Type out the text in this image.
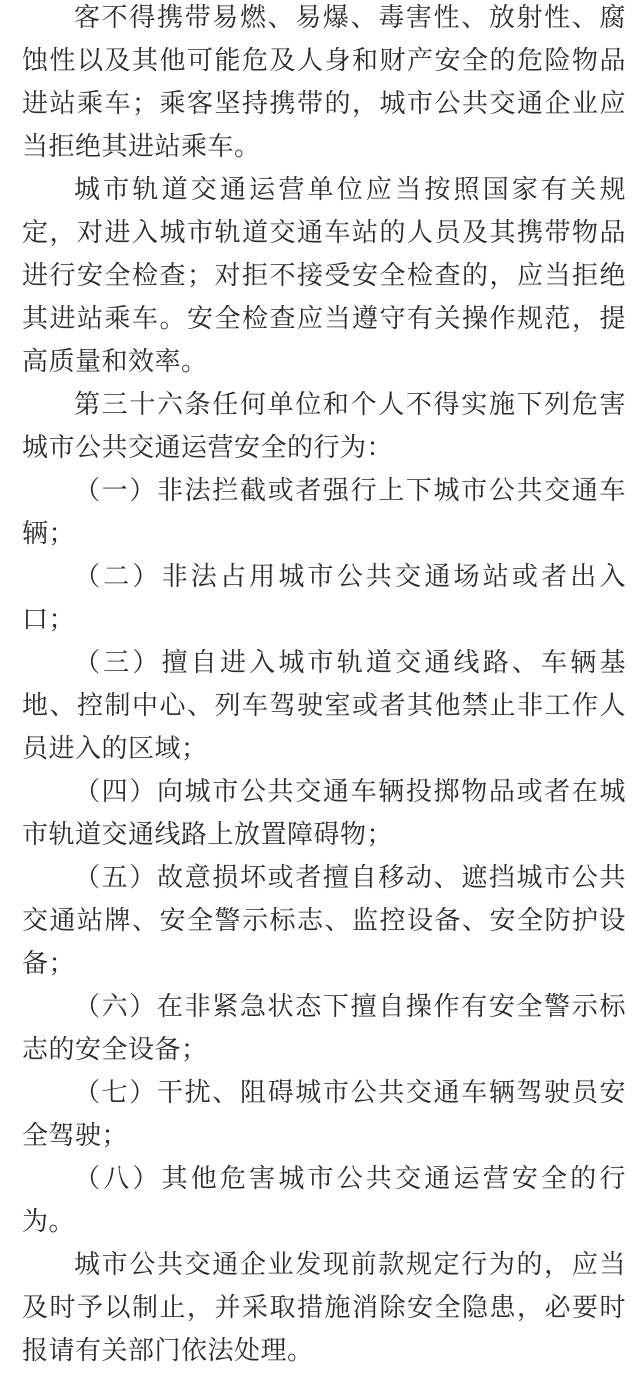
客不得携带易燃、易爆、毒害性、放射性、腐蚀性以及其他可能危及人身和财产安全的危险物品进站乘车；乘客坚持携带的，城市公共交通企业应当拒绝其进站乘车。

城市轨道交通运营单位应当按照国家有关规定，对进入城市轨道交通车站的人员及其携带物品进行安全检查；对拒不接受安全检查的，应当拒绝其进站乘车。安全检查应当遵守有关操作规范，提高质量和效率。

第三十六条任何单位和个人不得实施下列危害城市公共交通运营安全的行为：

（一）非法拦截或者强行上下城市公共交通车辆；

（二）非法占用城市公共交通场站或者出入口；

（三）擅自进入城市轨道交通线路、车辆基地、控制中心、列车驾驶室或者其他禁止非工作人员进入的区域；

（四）向城市公共交通车辆投掷物品或者在城市轨道交通线路上放置障碍物；

（五）故意损坏或者擅自移动、遮挡城市公共交通站牌、安全警示标志、监控设备、安全防护设备；

（六）在非紧急状态下擅自操作有安全警示标志的安全设备；

（七）干扰、阻碍城市公共交通车辆驾驶员安全驾驶；

（八）其他危害城市公共交通运营安全的行为。

城市公共交通企业发现前款规定行为的，应当及时予以制止，并采取措施消除安全隐患，必要时报请有关部门依法处理。
